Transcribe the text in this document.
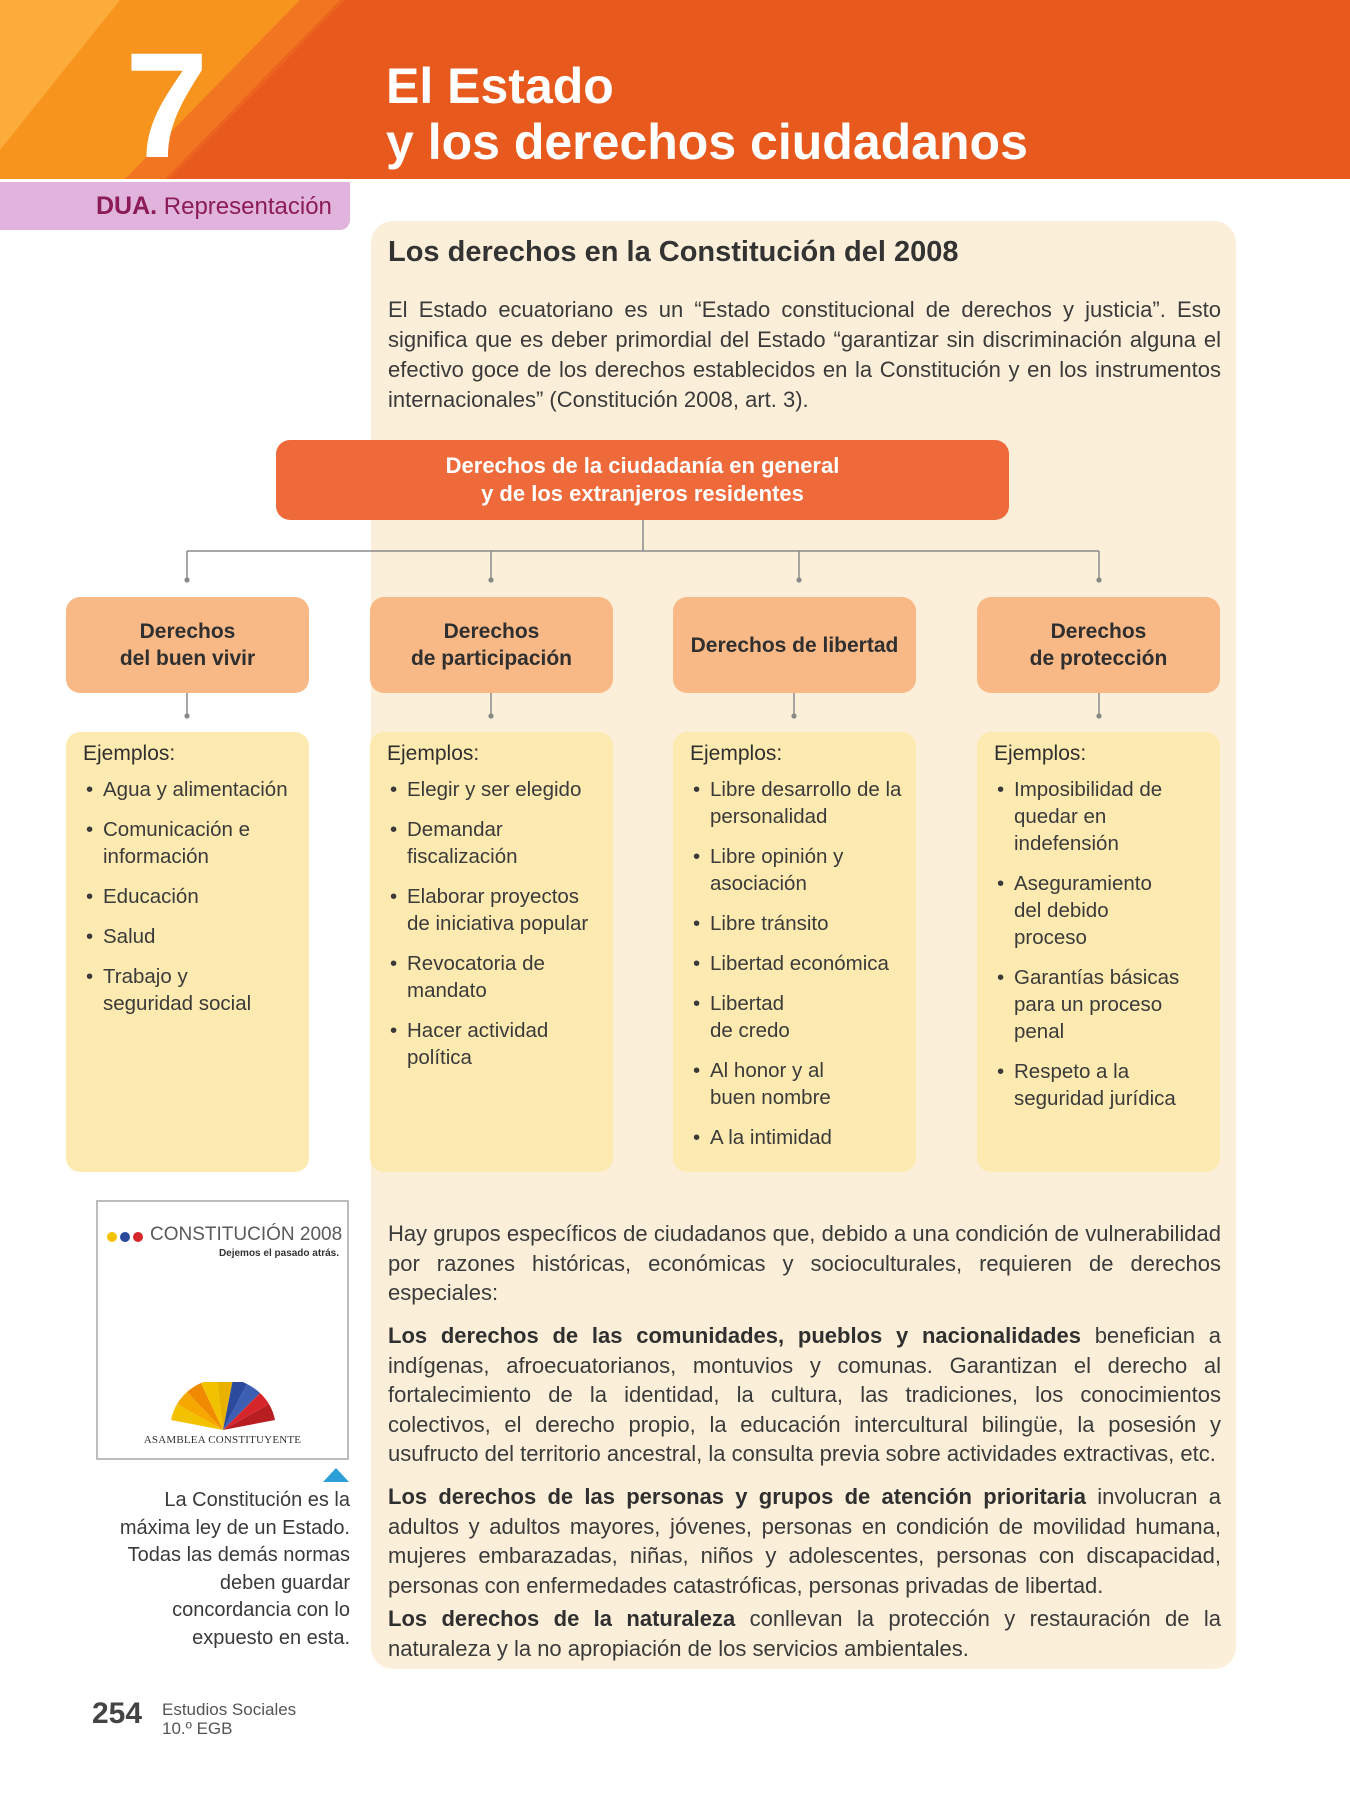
7	El Estado
y los derechos ciudadanos
DUA. Representación
Los derechos en la Constitución del 2008

El Estado ecuatoriano es un “Estado constitucional de derechos y justicia”. Esto significa que es deber primordial del Estado “garantizar sin discriminación alguna el efectivo goce de los derechos establecidos en la Constitución y en los instrumentos internacionales” (Constitución 2008, art. 3).

Derechos de la ciudadanía en general
y de los extranjeros residentes
Derechos
del buen vivir
Derechos
de participación
Derechos de libertad
Derechos
de protección
Ejemplos:
• Agua y alimentación
• Comunicación e información
• Educación
• Salud
• Trabajo y seguridad social
Ejemplos:
• Elegir y ser elegido
• Demandar fiscalización
• Elaborar proyectos de iniciativa popular
• Revocatoria de mandato
• Hacer actividad política
Ejemplos:
• Libre desarrollo de la personalidad
• Libre opinión y asociación
• Libre tránsito
• Libertad económica
• Libertad de credo
• Al honor y al buen nombre
• A la intimidad
Ejemplos:
• Imposibilidad de quedar en indefensión
• Aseguramiento del debido proceso
• Garantías básicas para un proceso penal
• Respeto a la seguridad jurídica
CONSTITUCIÓN 2008
Dejemos el pasado atrás.
ASAMBLEA CONSTITUYENTE

La Constitución es la máxima ley de un Estado. Todas las demás normas deben guardar concordancia con lo expuesto en esta.

Hay grupos específicos de ciudadanos que, debido a una condición de vulnerabilidad por razones históricas, económicas y socioculturales, requieren de derechos especiales:

Los derechos de las comunidades, pueblos y nacionalidades benefician a indígenas, afroecuatorianos, montuvios y comunas. Garantizan el derecho al fortalecimiento de la identidad, la cultura, las tradiciones, los conocimientos colectivos, el derecho propio, la educación intercultural bilingüe, la posesión y usufructo del territorio ancestral, la consulta previa sobre actividades extractivas, etc.

Los derechos de las personas y grupos de atención prioritaria involucran a adultos y adultos mayores, jóvenes, personas en condición de movilidad humana, mujeres embarazadas, niñas, niños y adolescentes, personas con discapacidad, personas con enfermedades catastróficas, personas privadas de libertad.

Los derechos de la naturaleza conllevan la protección y restauración de la naturaleza y la no apropiación de los servicios ambientales.

254 Estudios Sociales
10.º EGB
